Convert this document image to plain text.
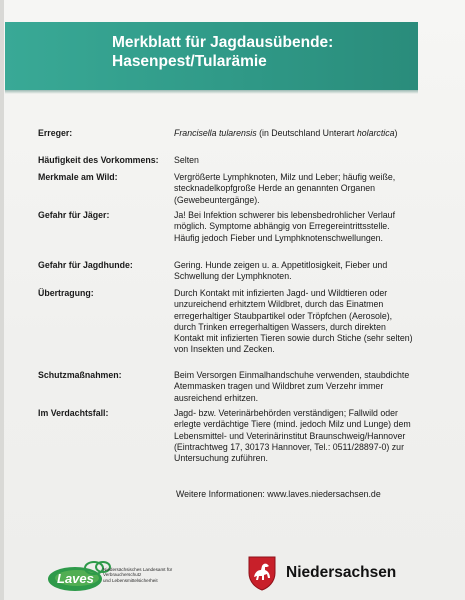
Merkblatt für Jagdausübende:
Hasenpest/Tularämie
Erreger:	Francisella tularensis (in Deutschland Unterart holarctica)
Häufigkeit des Vorkommens:	Selten
Merkmale am Wild:	Vergrößerte Lymphknoten, Milz und Leber; häufig weiße, stecknadelkopfgroße Herde an genannten Organen (Gewebeuntergänge).
Gefahr für Jäger:	Ja! Bei Infektion schwerer bis lebensbedrohlicher Verlauf möglich. Symptome abhängig von Erregereintrittsstelle. Häufig jedoch Fieber und Lymphknotenschwellungen.
Gefahr für Jagdhunde:	Gering. Hunde zeigen u. a. Appetitlosigkeit, Fieber und Schwellung der Lymphknoten.
Übertragung:	Durch Kontakt mit infizierten Jagd- und Wildtieren oder unzureichend erhitztem Wildbret, durch das Einatmen erregerhaltiger Staubpartikel oder Tröpfchen (Aerosole), durch Trinken erregerhaltigen Wassers, durch direkten Kontakt mit infizierten Tieren sowie durch Stiche (sehr selten) von Insekten und Zecken.
Schutzmaßnahmen:	Beim Versorgen Einmalhandschuhe verwenden, staubdichte Atemmasken tragen und Wildbret zum Verzehr immer ausreichend erhitzen.
Im Verdachtsfall:	Jagd- bzw. Veterinärbehörden verständigen; Fallwild oder erlegte verdächtige Tiere (mind. jedoch Milz und Lunge) dem Lebensmittel- und Veterinärinstitut Braunschweig/Hannover (Eintrachtweg 17, 30173 Hannover, Tel.: 0511/28897-0) zur Untersuchung zuführen.
Weitere Informationen: www.laves.niedersachsen.de
Laves
Niedersächsisches Landesamt für
Verbraucherschutz
und Lebensmittelsicherheit	Niedersachsen
